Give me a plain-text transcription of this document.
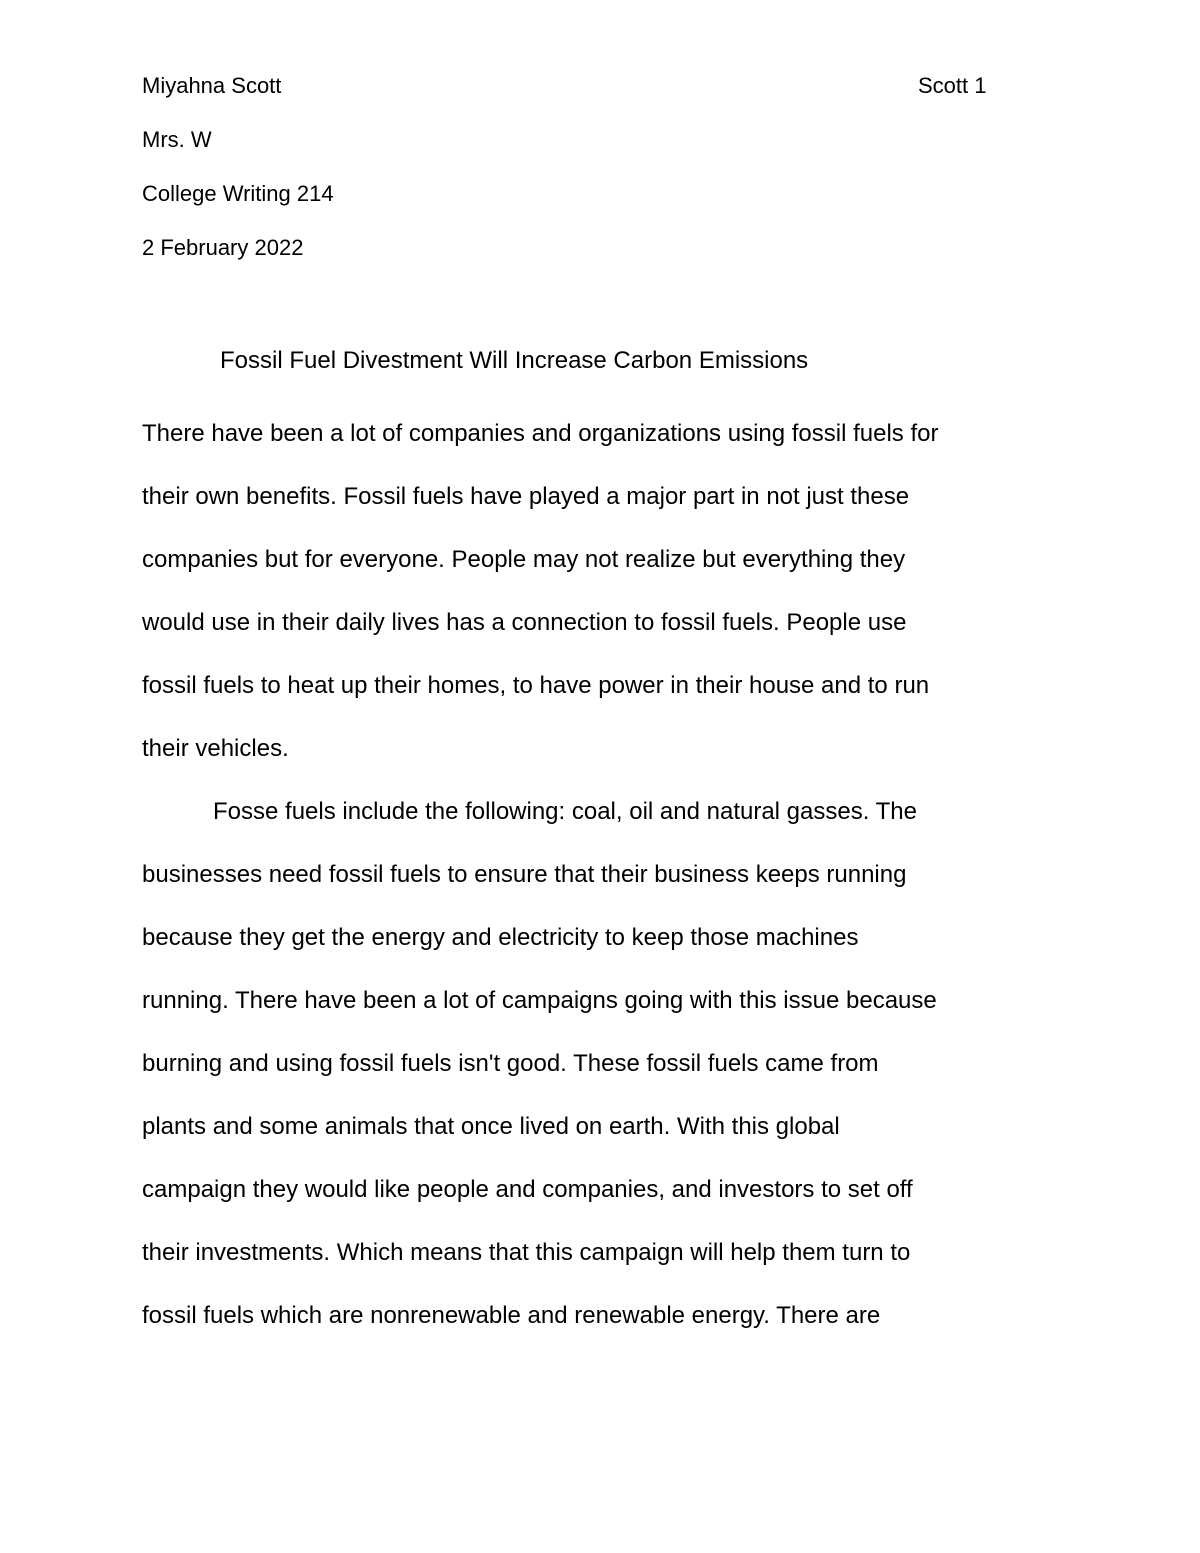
Miyahna Scott	Scott 1
Mrs. W
College Writing 214
2 February 2022
Fossil Fuel Divestment Will Increase Carbon Emissions
There have been a lot of companies and organizations using fossil fuels for
their own benefits. Fossil fuels have played a major part in not just these
companies but for everyone. People may not realize but everything they
would use in their daily lives has a connection to fossil fuels. People use
fossil fuels to heat up their homes, to have power in their house and to run
their vehicles.
Fosse fuels include the following: coal, oil and natural gasses. The
businesses need fossil fuels to ensure that their business keeps running
because they get the energy and electricity to keep those machines
running. There have been a lot of campaigns going with this issue because
burning and using fossil fuels isn't good. These fossil fuels came from
plants and some animals that once lived on earth. With this global
campaign they would like people and companies, and investors to set off
their investments. Which means that this campaign will help them turn to
fossil fuels which are nonrenewable and renewable energy. There are
